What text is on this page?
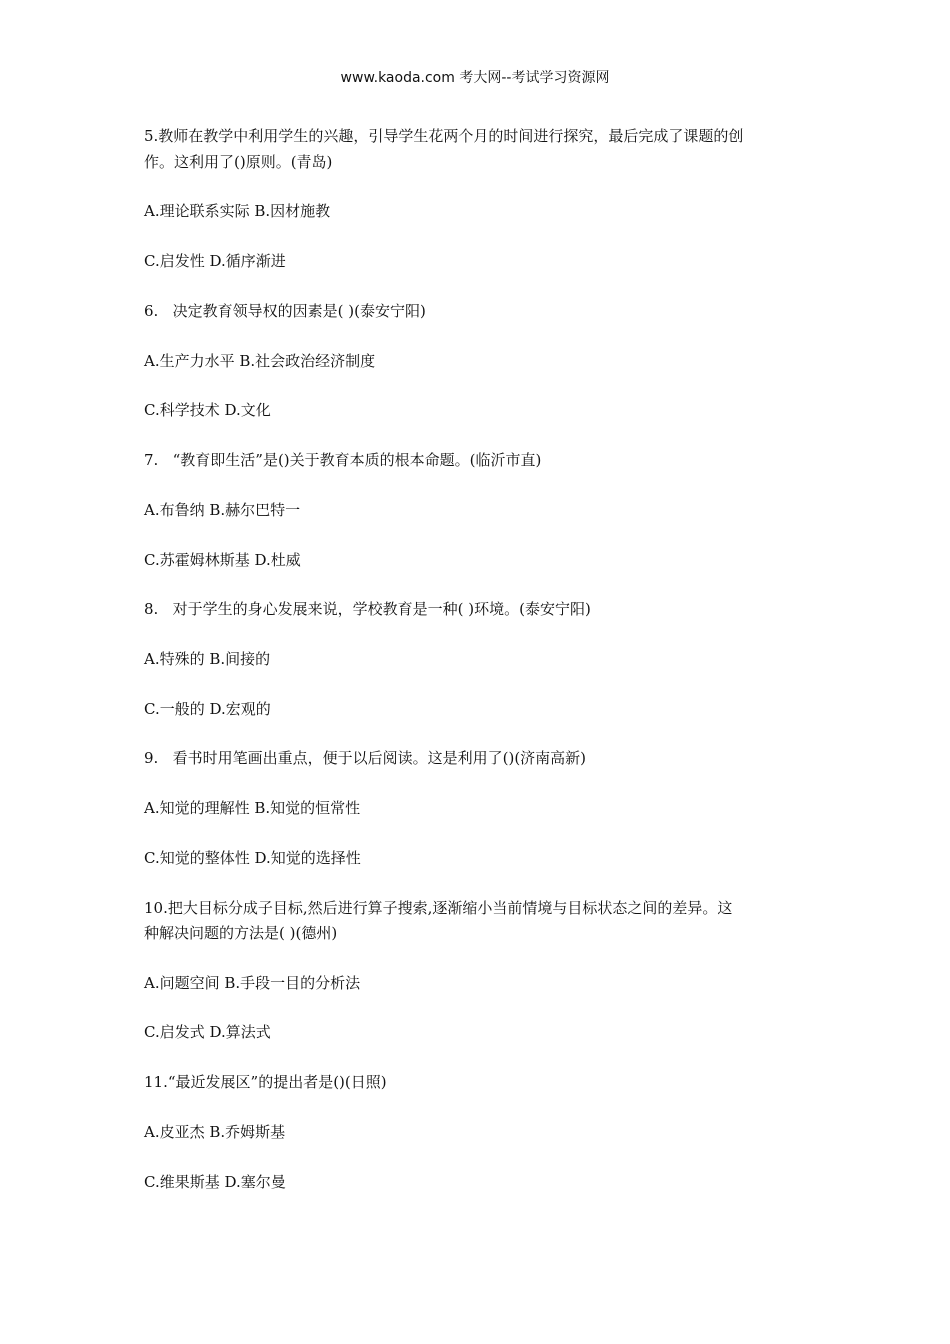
www.kaoda.com 考大网--考试学习资源网
5.教师在教学中利用学生的兴趣，引导学生花两个月的时间进行探究，最后完成了课题的创
作。这利用了()原则。(青岛)
A.理论联系实际 B.因材施教
C.启发性 D.循序渐进
6.   决定教育领导权的因素是( )(泰安宁阳)
A.生产力水平 B.社会政治经济制度
C.科学技术 D.文化
7.   “教育即生活”是()关于教育本质的根本命题。(临沂市直)
A.布鲁纳 B.赫尔巴特一
C.苏霍姆林斯基 D.杜威
8.   对于学生的身心发展来说，学校教育是一种( )环境。(泰安宁阳)
A.特殊的 B.间接的
C.一般的 D.宏观的
9.   看书时用笔画出重点，便于以后阅读。这是利用了()(济南高新)
A.知觉的理解性 B.知觉的恒常性
C.知觉的整体性 D.知觉的选择性
10.把大目标分成子目标,然后进行算子搜索,逐渐缩小当前情境与目标状态之间的差异。这
种解决问题的方法是( )(德州)
A.问题空间 B.手段一目的分析法
C.启发式 D.算法式
11.“最近发展区”的提出者是()(日照)
A.皮亚杰 B.乔姆斯基
C.维果斯基 D.塞尔曼
